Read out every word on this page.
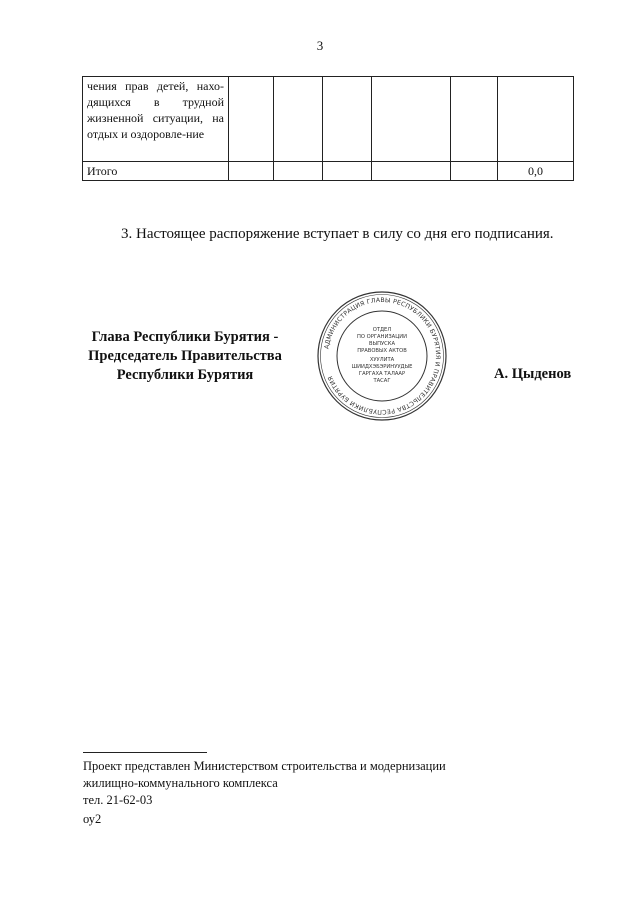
3
чения прав детей, нахо-дящихся в трудной жизненной ситуации, на отдых и оздоровле-ние						
Итого						0,0

3. Настоящее распоряжение вступает в силу со дня его подписания.

Глава Республики Бурятия -
Председатель Правительства
Республики Бурятия
АДМИНИСТРАЦИЯ ГЛАВЫ РЕСПУБЛИКИ БУРЯТИЯ И ПРАВИТЕЛЬСТВА РЕСПУБЛИКИ БУРЯТИЯ
ОТДЕЛ
ПО ОРГАНИЗАЦИИ
ВЫПУСКА
ПРАВОВЫХ АКТОВ
ХУУЛИТА
ШИИДХЭБЭРИНУУДЫЕ
ГАРГАХА ТАЛААР
ТАСАГ	А. Цыденов
Проект представлен Министерством строительства и модернизации
жилищно-коммунального комплекса
тел. 21-62-03
оу2
